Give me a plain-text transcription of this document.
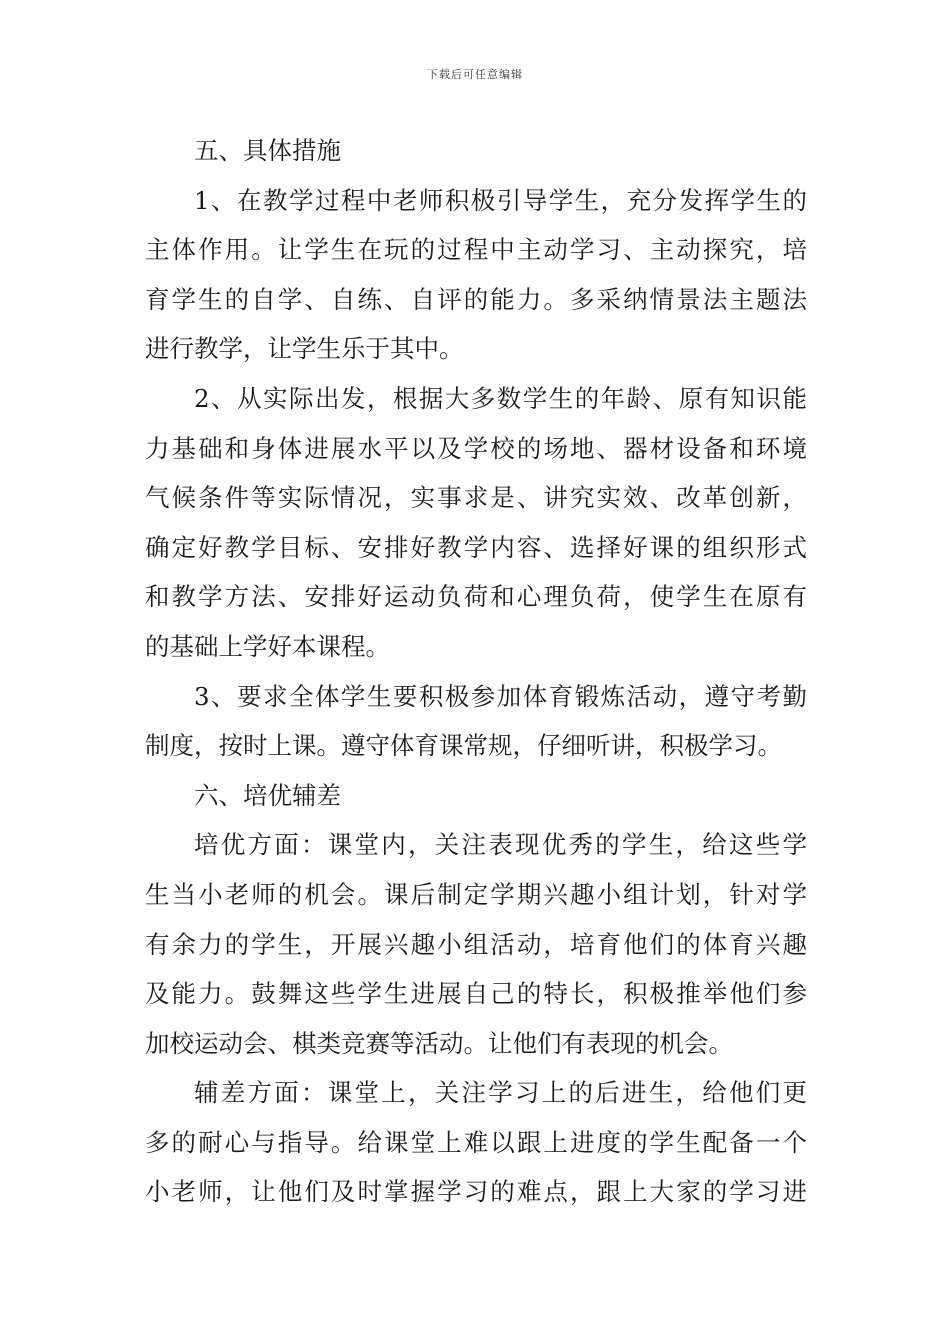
下载后可任意编辑
五、具体措施
1、在教学过程中老师积极引导学生，充分发挥学生的
主体作用。让学生在玩的过程中主动学习、主动探究，培
育学生的自学、自练、自评的能力。多采纳情景法主题法
进行教学，让学生乐于其中。
2、从实际出发，根据大多数学生的年龄、原有知识能
力基础和身体进展水平以及学校的场地、器材设备和环境
气候条件等实际情况，实事求是、讲究实效、改革创新，
确定好教学目标、安排好教学内容、选择好课的组织形式
和教学方法、安排好运动负荷和心理负荷，使学生在原有
的基础上学好本课程。
3、要求全体学生要积极参加体育锻炼活动，遵守考勤
制度，按时上课。遵守体育课常规，仔细听讲，积极学习。
六、培优辅差
培优方面：课堂内，关注表现优秀的学生，给这些学
生当小老师的机会。课后制定学期兴趣小组计划，针对学
有余力的学生，开展兴趣小组活动，培育他们的体育兴趣
及能力。鼓舞这些学生进展自己的特长，积极推举他们参
加校运动会、棋类竞赛等活动。让他们有表现的机会。
辅差方面：课堂上，关注学习上的后进生，给他们更
多的耐心与指导。给课堂上难以跟上进度的学生配备一个
小老师，让他们及时掌握学习的难点，跟上大家的学习进
